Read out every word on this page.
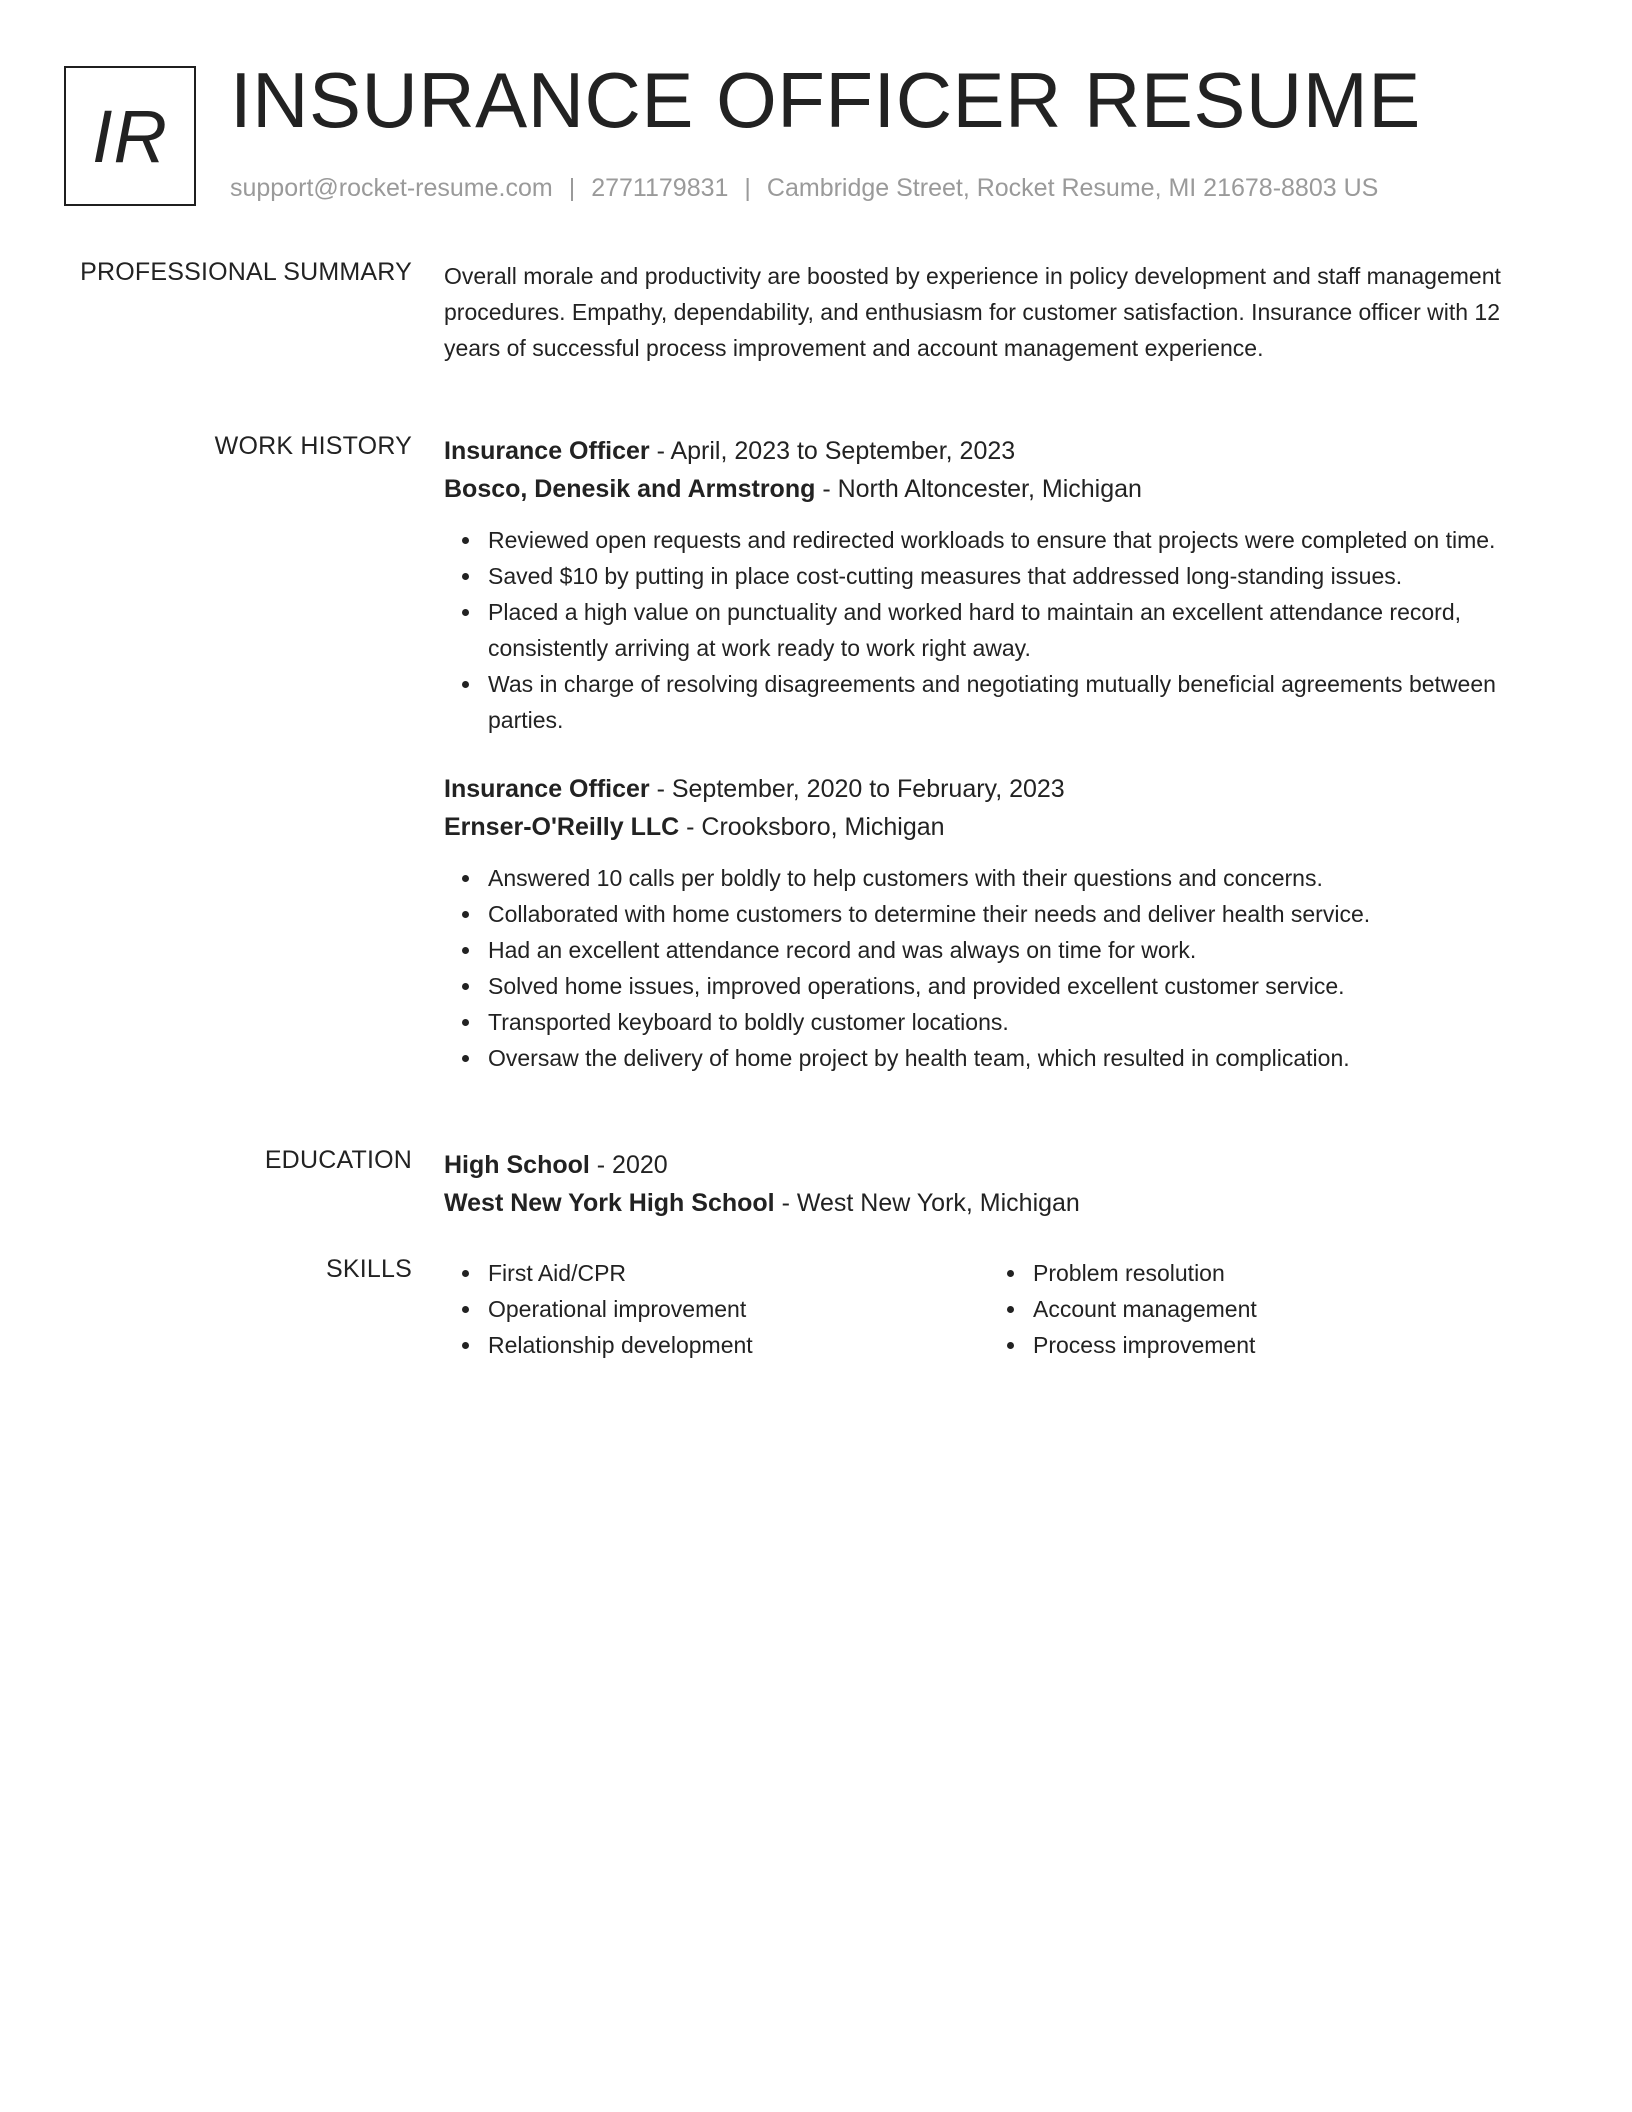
IR INSURANCE OFFICER RESUME
support@rocket-resume.com | 2771179831 | Cambridge Street, Rocket Resume, MI 21678-8803 US
PROFESSIONAL SUMMARY Overall morale and productivity are boosted by experience in policy development and staff management procedures. Empathy, dependability, and enthusiasm for customer satisfaction. Insurance officer with 12 years of successful process improvement and account management experience.

WORK HISTORY Insurance Officer - April, 2023 to September, 2023
Bosco, Denesik and Armstrong - North Altoncester, Michigan
Reviewed open requests and redirected workloads to ensure that projects were completed on time.
Saved $10 by putting in place cost-cutting measures that addressed long-standing issues.
Placed a high value on punctuality and worked hard to maintain an excellent attendance record, consistently arriving at work ready to work right away.
Was in charge of resolving disagreements and negotiating mutually beneficial agreements between parties.
Insurance Officer - September, 2020 to February, 2023
Ernser-O'Reilly LLC - Crooksboro, Michigan
Answered 10 calls per boldly to help customers with their questions and concerns.
Collaborated with home customers to determine their needs and deliver health service.
Had an excellent attendance record and was always on time for work.
Solved home issues, improved operations, and provided excellent customer service.
Transported keyboard to boldly customer locations.
Oversaw the delivery of home project by health team, which resulted in complication.
EDUCATION High School - 2020
West New York High School - West New York, Michigan
SKILLS	First Aid/CPR
Operational improvement
Relationship development
Problem resolution
Account management
Process improvement
